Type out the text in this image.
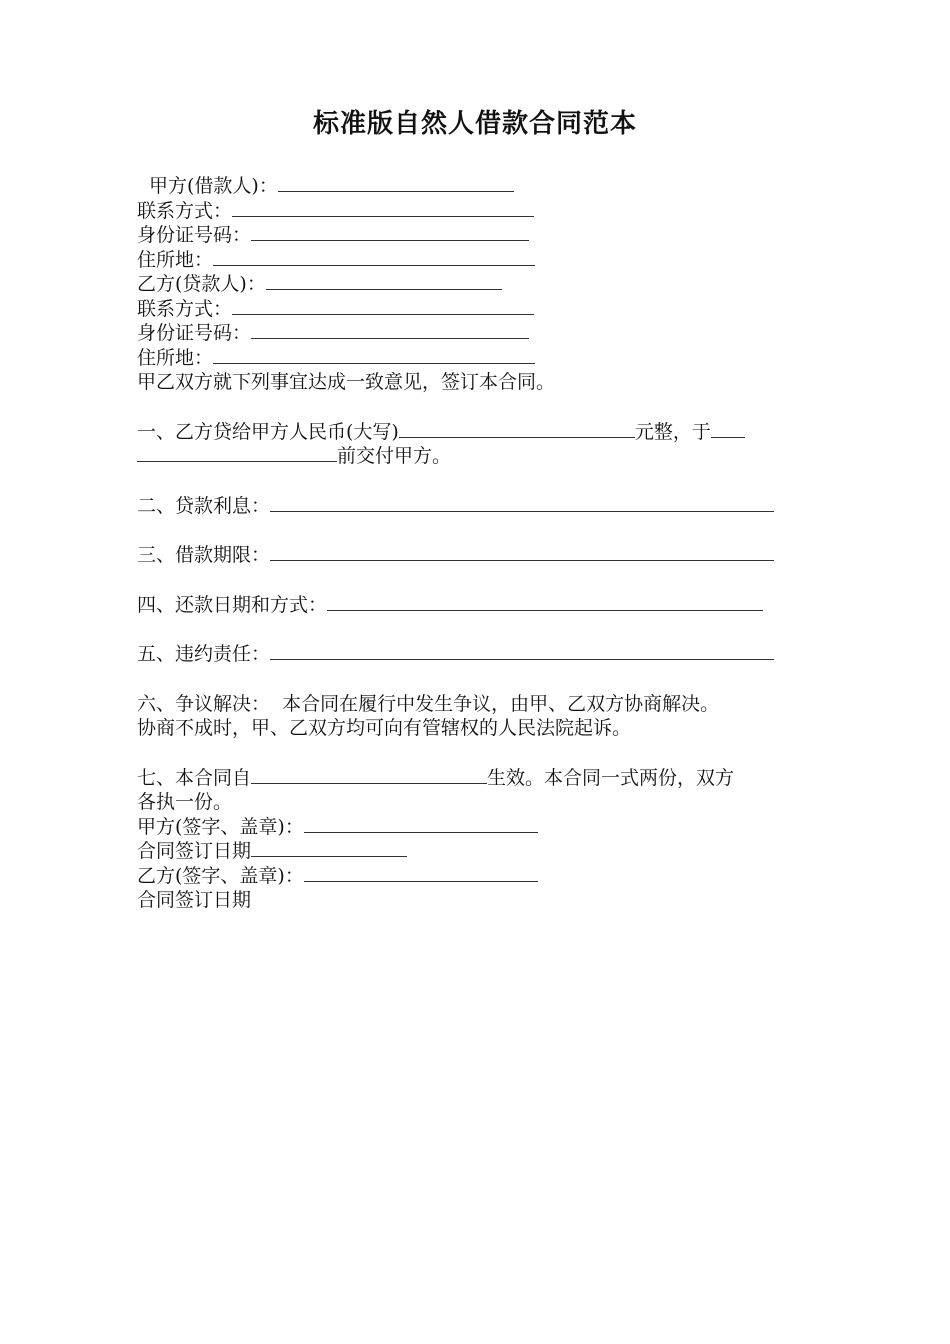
标准版自然人借款合同范本
甲方(借款人)：
联系方式：
身份证号码：
住所地：
乙方(贷款人)：
联系方式：
身份证号码：
住所地：
甲乙双方就下列事宜达成一致意见，签订本合同。
一、乙方贷给甲方人民币(大写)	元整，于
前交付甲方。
二、贷款利息：
三、借款期限：
四、还款日期和方式：
五、违约责任：
六、争议解决：  本合同在履行中发生争议，由甲、乙双方协商解决。
协商不成时，甲、乙双方均可向有管辖权的人民法院起诉。
七、本合同自	生效。本合同一式两份，双方
各执一份。
甲方(签字、盖章)：
合同签订日期
乙方(签字、盖章)：
合同签订日期
